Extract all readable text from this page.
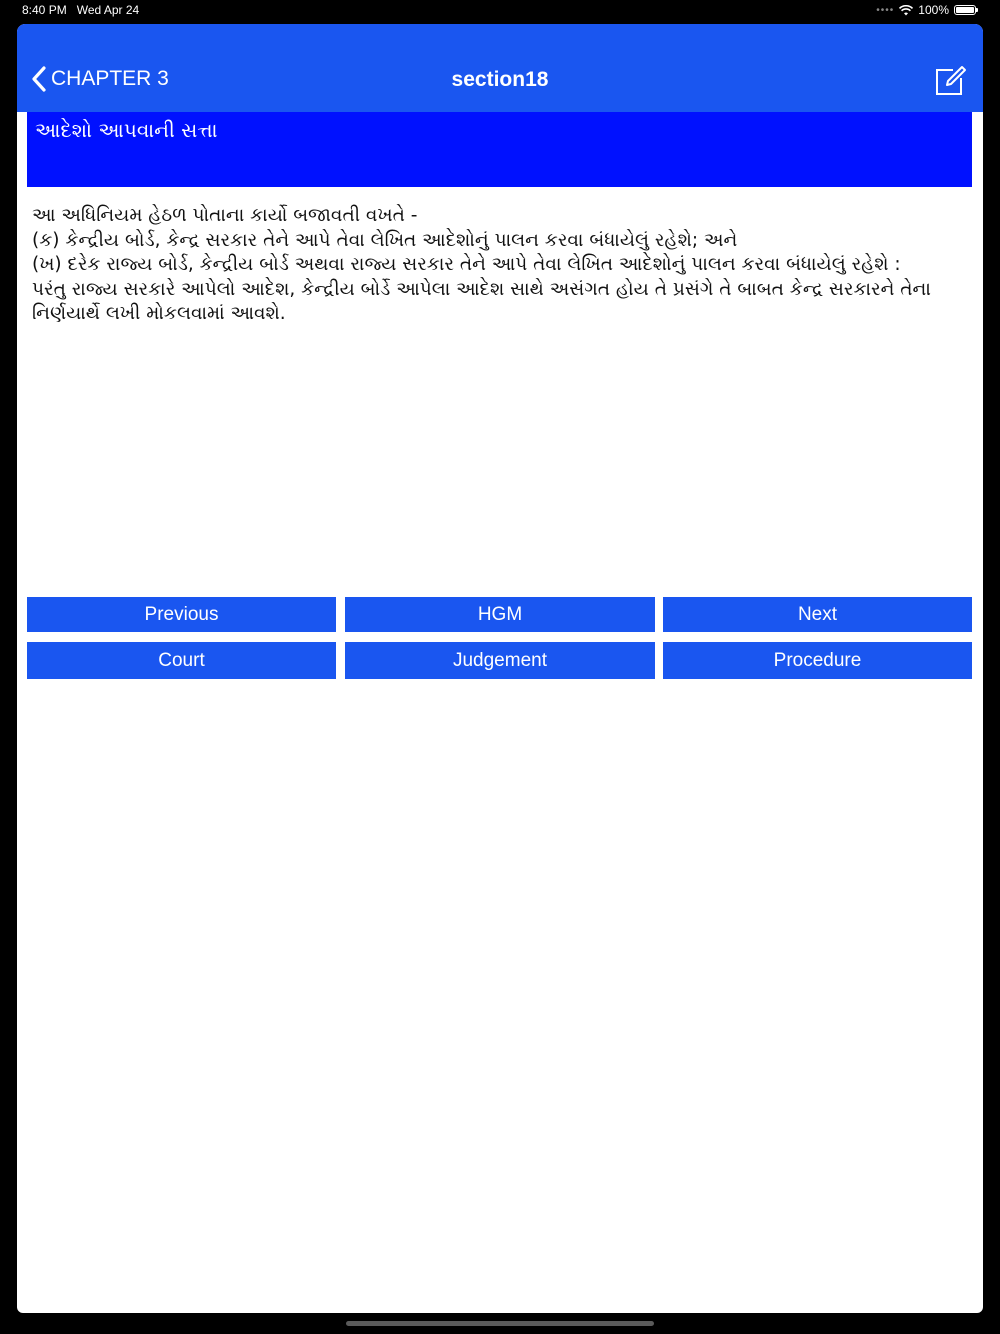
8:40 PM Wed Apr 24	•••• 100%
CHAPTER 3	section18
આદેશો આપવાની સત્તા
આ અધિનિયમ હેઠળ પોતાના કાર્યો બજાવતી વખતે -
(ક) કેન્દ્રીય બોર્ડ, કેન્દ્ર સરકાર તેને આપે તેવા લેખિત આદેશોનું પાલન કરવા બંધાયેલું રહેશે; અને
(ખ) દરેક રાજ્ય બોર્ડ, કેન્દ્રીય બોર્ડ અથવા રાજ્ય સરકાર તેને આપે તેવા લેખિત આદેશોનું પાલન કરવા બંધાયેલું રહેશે :
પરંતુ રાજ્ય સરકારે આપેલો આદેશ, કેન્દ્રીય બોર્ડે આપેલા આદેશ સાથે અસંગત હોય તે પ્રસંગે તે બાબત કેન્દ્ર સરકારને તેના નિર્ણયાર્થે લખી મોકલવામાં આવશે.
Previous	HGM	Next
Court	Judgement	Procedure
